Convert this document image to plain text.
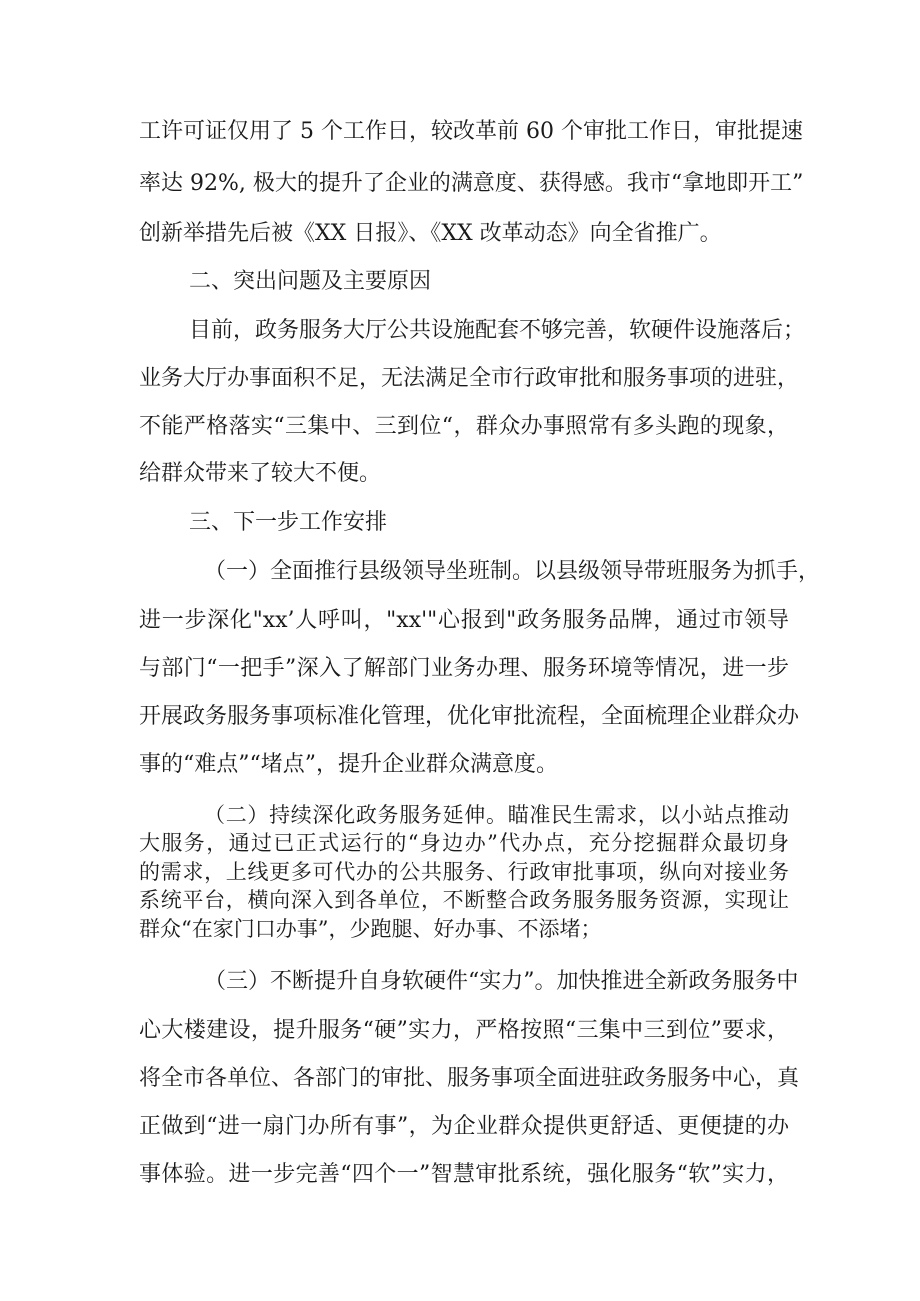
工许可证仅用了 5 个工作日，较改革前 60 个审批工作日，审批提速
率达 92%, 极大的提升了企业的满意度、获得感。我市“拿地即开工”
创新举措先后被《XX 日报》、《XX 改革动态》向全省推广。
二、突出问题及主要原因
目前，政务服务大厅公共设施配套不够完善，软硬件设施落后；
业务大厅办事面积不足，无法满足全市行政审批和服务事项的进驻，
不能严格落实“三集中、三到位“，群众办事照常有多头跑的现象，
给群众带来了较大不便。
三、下一步工作安排
（一）全面推行县级领导坐班制。以县级领导带班服务为抓手，
进一步深化"xx’人呼叫，"xx'"心报到"政务服务品牌，通过市领导
与部门“一把手”深入了解部门业务办理、服务环境等情况，进一步
开展政务服务事项标准化管理，优化审批流程，全面梳理企业群众办
事的“难点”“堵点”，提升企业群众满意度。
（二）持续深化政务服务延伸。瞄准民生需求，以小站点推动
大服务，通过已正式运行的“身边办”代办点，充分挖掘群众最切身
的需求，上线更多可代办的公共服务、行政审批事项，纵向对接业务
系统平台，横向深入到各单位，不断整合政务服务服务资源，实现让
群众“在家门口办事”，少跑腿、好办事、不添堵；
（三）不断提升自身软硬件“实力”。加快推进全新政务服务中
心大楼建设，提升服务“硬”实力，严格按照“三集中三到位”要求，
将全市各单位、各部门的审批、服务事项全面进驻政务服务中心，真
正做到“进一扇门办所有事”，为企业群众提供更舒适、更便捷的办
事体验。进一步完善“四个一”智慧审批系统，强化服务“软”实力，
